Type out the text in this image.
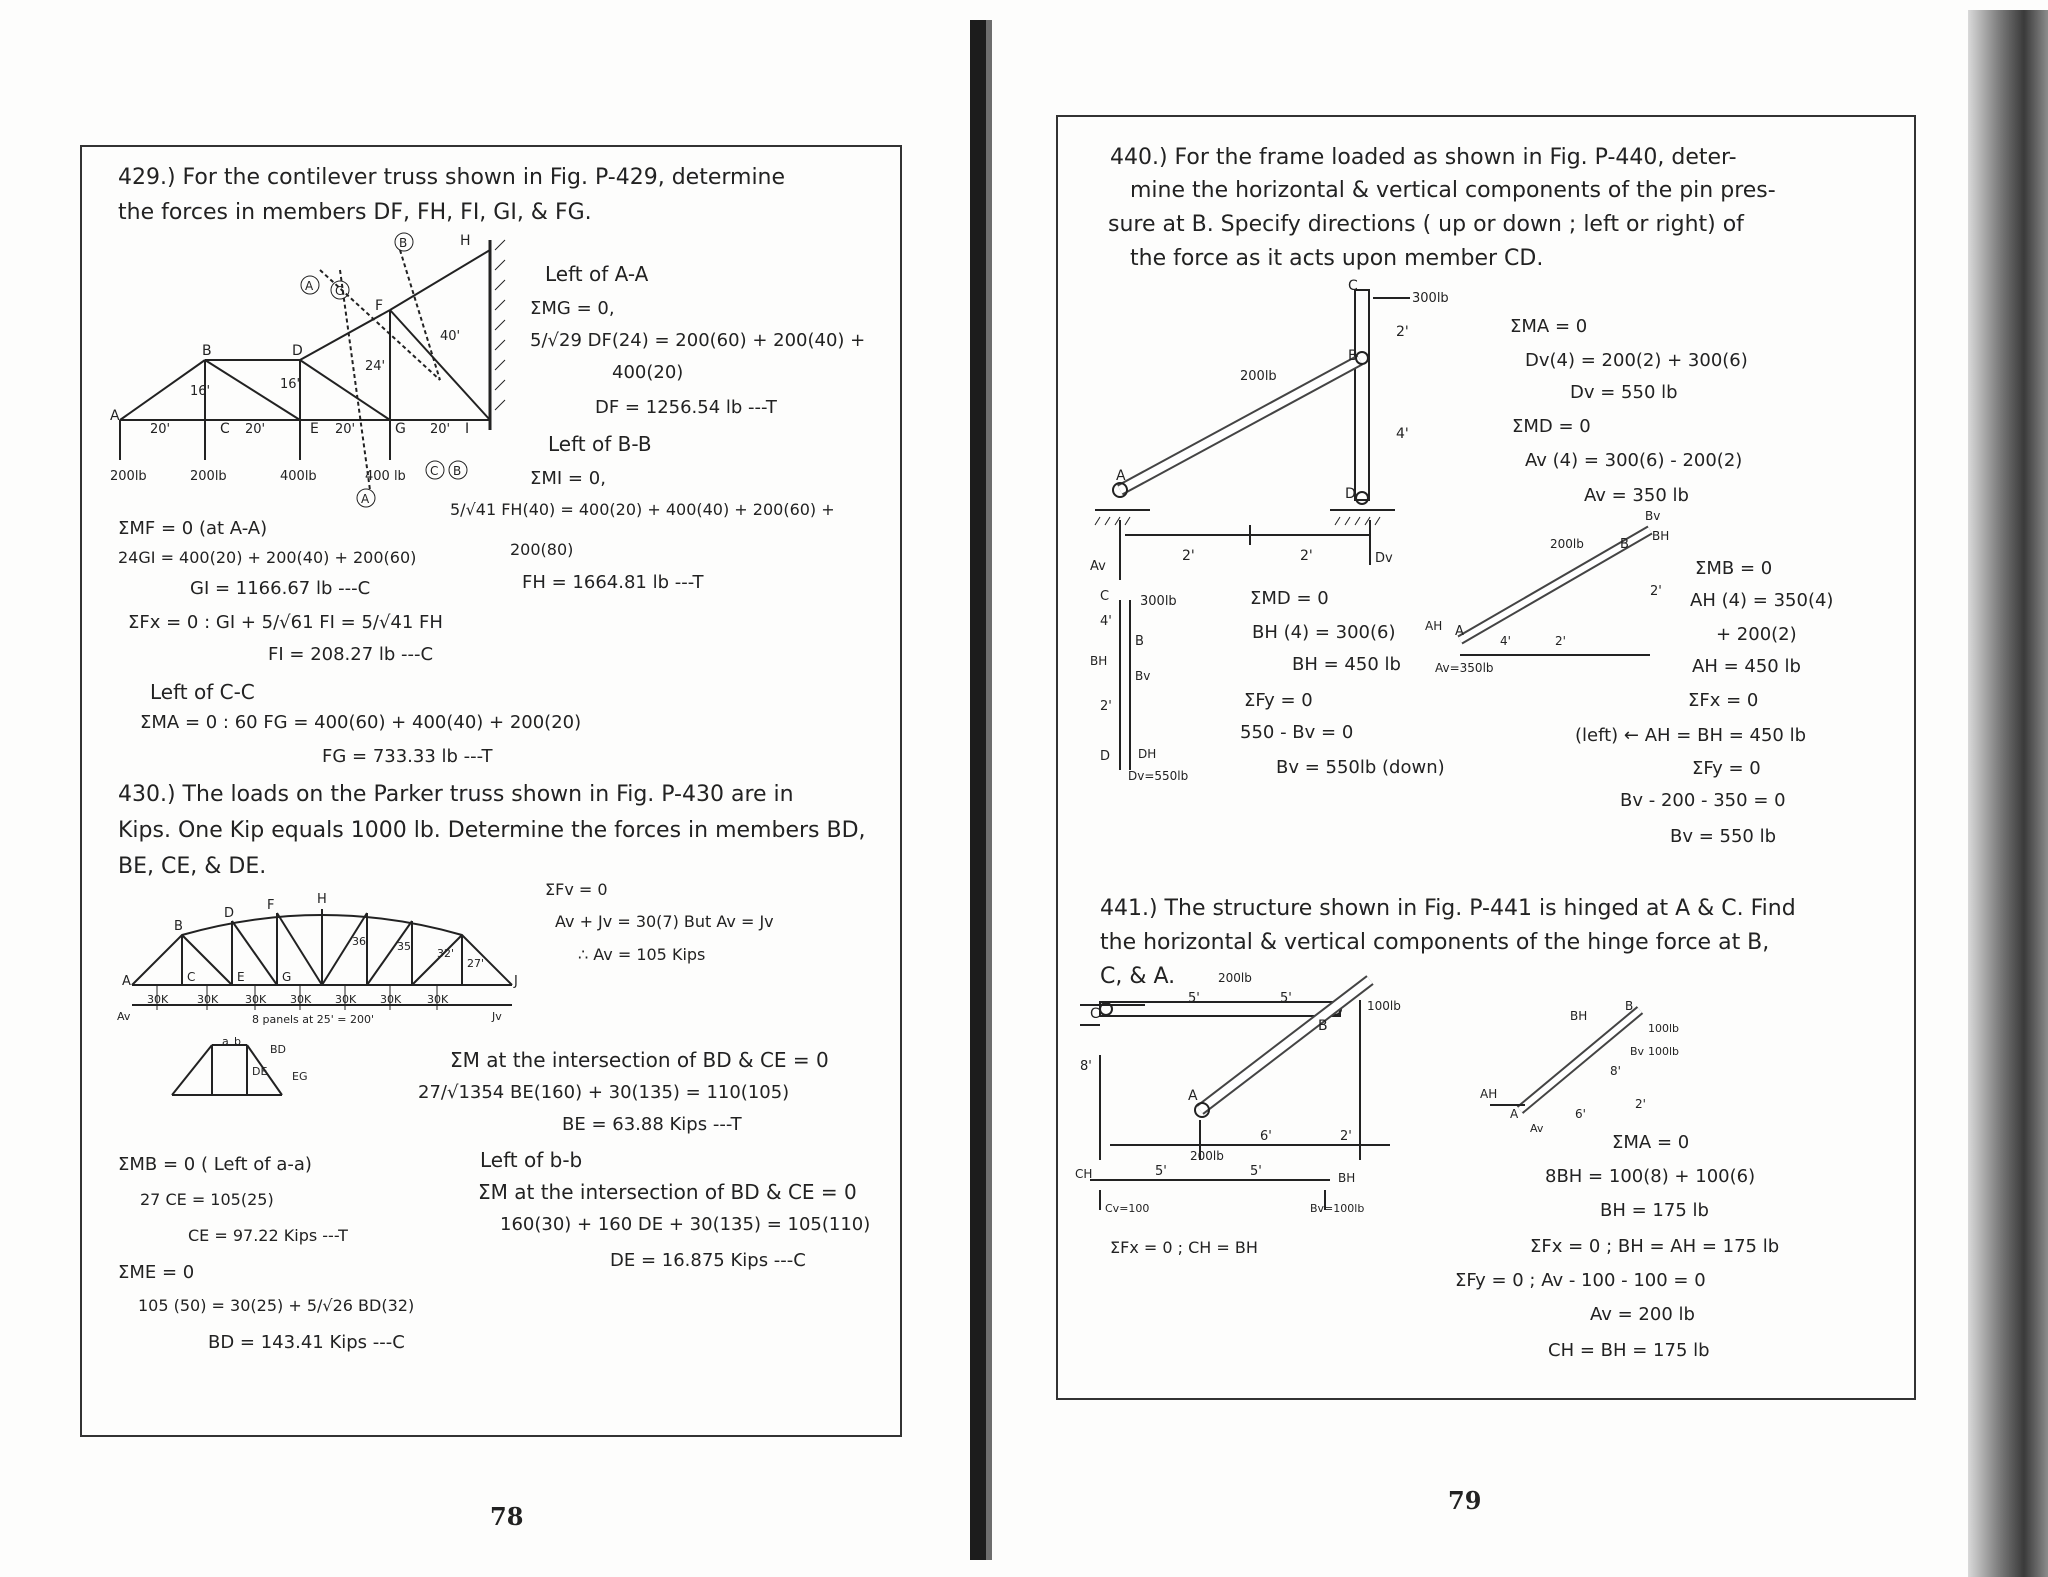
429.) For the contilever truss shown in Fig. P-429, determine
the forces in members DF, FH, FI, GI, & FG.
A
B
C
D
E
F
G
H
I
20'	20'	20'	20'
16'	16'
24'
40'
200lb	200lb	400lb	400 lb
A C
B
A
C B
Left of A-A
ΣMG = 0,
5/√29 DF(24) = 200(60) + 200(40) +
400(20)
DF = 1256.54 lb ---T
Left of B-B
ΣMI = 0,
5/√41 FH(40) = 400(20) + 400(40) + 200(60) +
200(80)
FH = 1664.81 lb ---T
ΣMF = 0 (at A-A)
24GI = 400(20) + 200(40) + 200(60)
GI = 1166.67 lb ---C
ΣFx = 0 : GI + 5/√61 FI = 5/√41 FH
FI = 208.27 lb ---C
Left of C-C
ΣMA = 0 : 60 FG = 400(60) + 400(40) + 200(20)
FG = 733.33 lb ---T
430.) The loads on the Parker truss shown in Fig. P-430 are in
Kips. One Kip equals 1000 lb. Determine the forces in members BD,
BE, CE, & DE.
A
B
D
F	H
J
C	E	G
36'	35'
32'
27'
30K	30K 30K 30K 30K 30K 30K
Av	Jv
8 panels at 25' = 200'
a b
BD
DE EG
ΣFv = 0
Av + Jv = 30(7) But Av = Jv
∴ Av = 105 Kips
ΣM at the intersection of BD & CE = 0
27/√1354 BE(160) + 30(135) = 110(105)
BE = 63.88 Kips ---T
Left of b-b
ΣM at the intersection of BD & CE = 0
160(30) + 160 DE + 30(135) = 105(110)
DE = 16.875 Kips ---C
ΣMB = 0 ( Left of a-a)
27 CE = 105(25)
CE = 97.22 Kips ---T
ΣME = 0
105 (50) = 30(25) + 5/√26 BD(32)
BD = 143.41 Kips ---C
78
440.) For the frame loaded as shown in Fig. P-440, deter-
mine the horizontal & vertical components of the pin pres-
sure at B. Specify directions ( up or down ; left or right) of
the force as it acts upon member CD.
C
B
A
D
300lb
200lb
2'
4'
2'	2'
Av
Dv
C 300lb
4'
B
BH
Bv
2'
D DH
Dv=550lb
200lb	B
BH
Bv
2'
AH A
4'	2'
Av=350lb
ΣMA = 0
Dv(4) = 200(2) + 300(6)
Dv = 550 lb
ΣMD = 0
Av (4) = 300(6) - 200(2)
Av = 350 lb
ΣMD = 0
BH (4) = 300(6)
BH = 450 lb
ΣFy = 0
550 - Bv = 0
Bv = 550lb (down)
ΣMB = 0
AH (4) = 350(4)
+ 200(2)
AH = 450 lb
ΣFx = 0
(left) ← AH = BH = 450 lb
ΣFy = 0
Bv - 200 - 350 = 0
Bv = 550 lb
441.) The structure shown in Fig. P-441 is hinged at A & C. Find
the horizontal & vertical components of the hinge force at B,
C, & A.
C
B
A
200lb
100lb
5'	5'
8'
6'	2'
CH
200lb
5'	5'	BH
Cv=100	Bv=100lb
BH
B
100lb
100lb
Bv
8'
AH
A
Av
6'
2'
ΣFx = 0 ; CH = BH
ΣMA = 0
8BH = 100(8) + 100(6)
BH = 175 lb
ΣFx = 0 ; BH = AH = 175 lb
ΣFy = 0 ; Av - 100 - 100 = 0
Av = 200 lb
CH = BH = 175 lb
79
